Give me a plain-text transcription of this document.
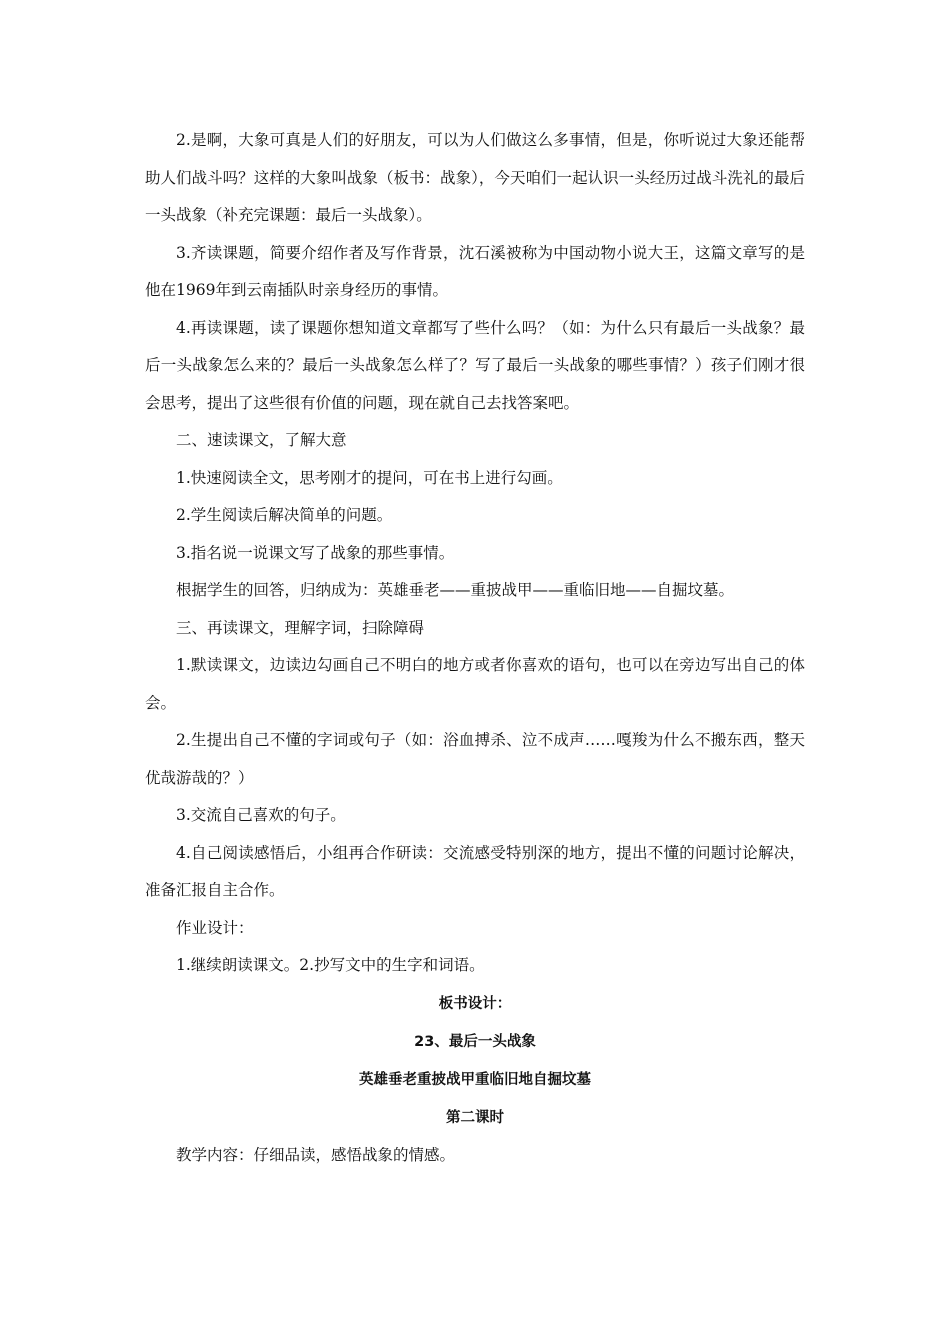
2.是啊，大象可真是人们的好朋友，可以为人们做这么多事情，但是，你听说过大象还能帮助人们战斗吗？这样的大象叫战象（板书：战象），今天咱们一起认识一头经历过战斗洗礼的最后一头战象（补充完课题：最后一头战象）。

3.齐读课题，简要介绍作者及写作背景，沈石溪被称为中国动物小说大王，这篇文章写的是他在1969年到云南插队时亲身经历的事情。

4.再读课题，读了课题你想知道文章都写了些什么吗？（如：为什么只有最后一头战象？最后一头战象怎么来的？最后一头战象怎么样了？写了最后一头战象的哪些事情？）孩子们刚才很会思考，提出了这些很有价值的问题，现在就自己去找答案吧。

二、速读课文，了解大意

1.快速阅读全文，思考刚才的提问，可在书上进行勾画。

2.学生阅读后解决简单的问题。

3.指名说一说课文写了战象的那些事情。

根据学生的回答，归纳成为：英雄垂老——重披战甲——重临旧地——自掘坟墓。

三、再读课文，理解字词，扫除障碍

1.默读课文，边读边勾画自己不明白的地方或者你喜欢的语句，也可以在旁边写出自己的体会。

2.生提出自己不懂的字词或句子（如：浴血搏杀、泣不成声……嘎羧为什么不搬东西，整天优哉游哉的？）

3.交流自己喜欢的句子。

4.自己阅读感悟后，小组再合作研读：交流感受特别深的地方，提出不懂的问题讨论解决，准备汇报自主合作。

作业设计：

1.继续朗读课文。2.抄写文中的生字和词语。

板书设计：

23、最后一头战象

英雄垂老重披战甲重临旧地自掘坟墓

第二课时

教学内容：仔细品读，感悟战象的情感。
